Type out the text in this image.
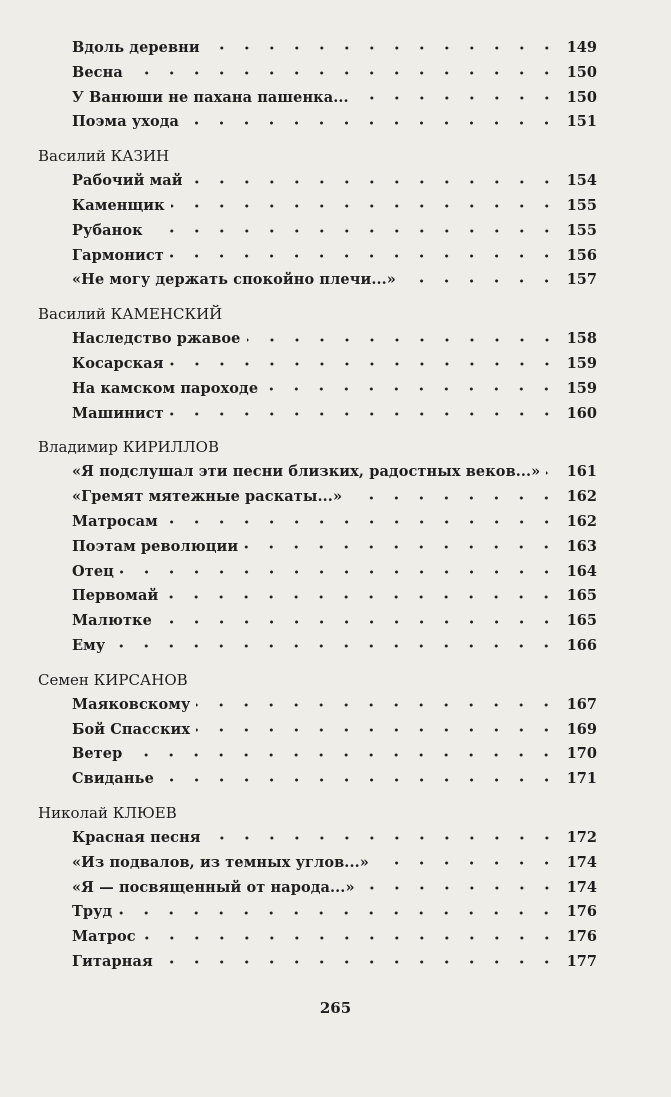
Вдоль деревни	149
Весна	150
У Ванюши не пахана пашенка...	150
Поэма ухода	151
Василий КАЗИН
Рабочий май	154
Каменщик	155
Рубанок	155
Гармонист	156
«Не могу держать спокойно плечи...»	157
Василий КАМЕНСКИЙ
Наследство ржавое	158
Косарская	159
На камском пароходе	159
Машинист	160
Владимир КИРИЛЛОВ
«Я подслушал эти песни близких, радостных веков...»	161
«Гремят мятежные раскаты...»	162
Матросам	162
Поэтам революции	163
Отец	164
Первомай	165
Малютке	165
Ему	166
Семен КИРСАНОВ
Маяковскому	167
Бой Спасских	169
Ветер	170
Свиданье	171
Николай КЛЮЕВ
Красная песня	172
«Из подвалов, из темных углов...»	174
«Я — посвященный от народа...»	174
Труд	176
Матрос	176
Гитарная	177
265
